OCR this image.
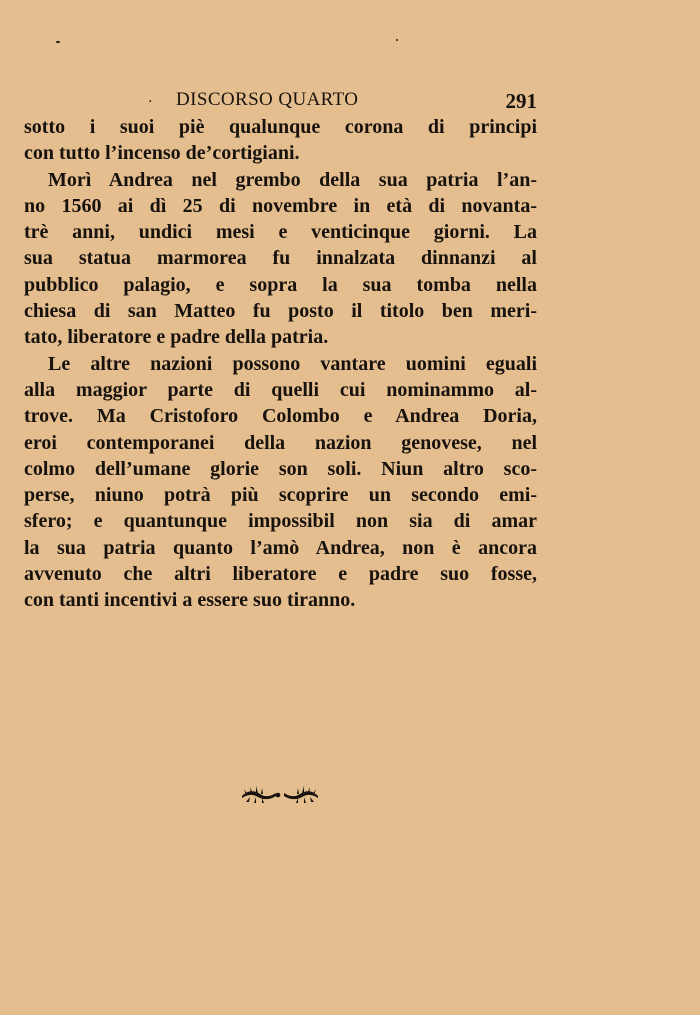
. DISCORSO QUARTO	291
sotto i suoi piè qualunque corona di principi
con tutto l’incenso de’cortigiani.
Morì Andrea nel grembo della sua patria l’an-
no 1560 ai dì 25 di novembre in età di novanta-
trè anni, undici mesi e venticinque giorni. La
sua statua marmorea fu innalzata dinnanzi al
pubblico palagio, e sopra la sua tomba nella
chiesa di san Matteo fu posto il titolo ben meri-
tato, liberatore e padre della patria.
Le altre nazioni possono vantare uomini eguali
alla maggior parte di quelli cui nominammo al-
trove. Ma Cristoforo Colombo e Andrea Doria,
eroi contemporanei della nazion genovese, nel
colmo dell’umane glorie son soli. Niun altro sco-
perse, niuno potrà più scoprire un secondo emi-
sfero; e quantunque impossibil non sia di amar
la sua patria quanto l’amò Andrea, non è ancora
avvenuto che altri liberatore e padre suo fosse,
con tanti incentivi a essere suo tiranno.
